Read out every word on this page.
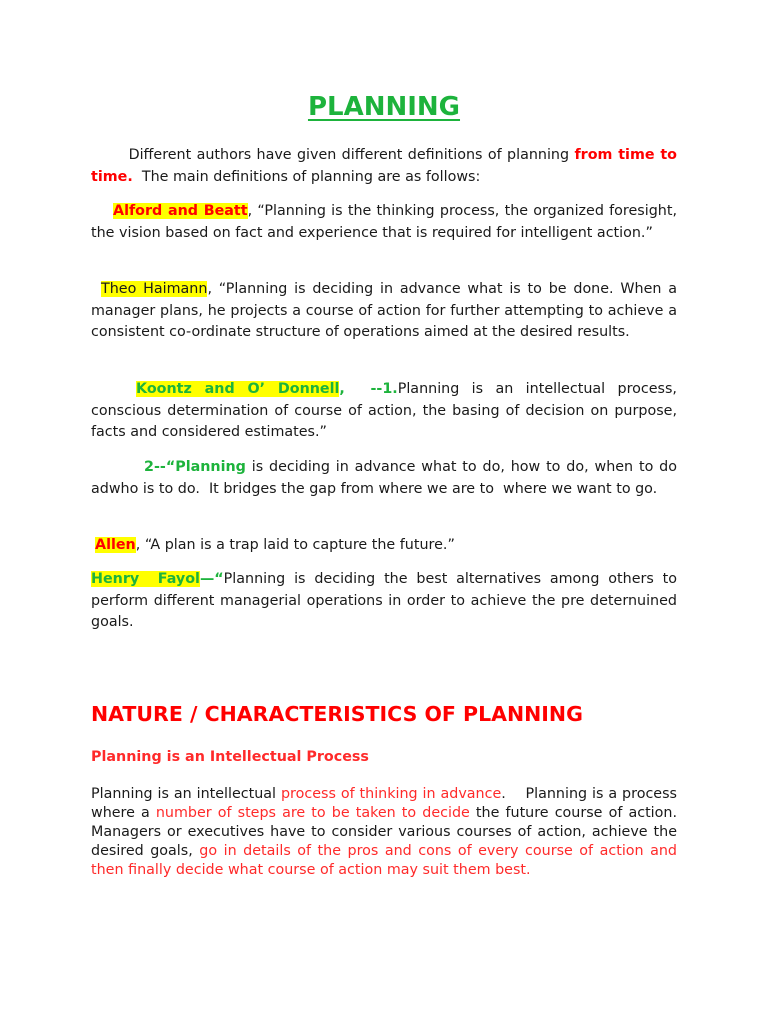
PLANNING
Different authors have given different definitions of planning from time to time.  The main definitions of planning are as follows:
Alford and Beatt, “Planning is the thinking process, the organized foresight, the vision based on fact and experience that is required for intelligent action.”
Theo Haimann, “Planning is deciding in advance what is to be done. When a manager plans, he projects a course of action for further attempting to achieve a consistent co-ordinate structure of operations aimed at the desired results.
Koontz and O’ Donnell,  --1.Planning is an intellectual process, conscious determination of course of action, the basing of decision on purpose, facts and considered estimates.”
2--“Planning is deciding in advance what to do, how to do, when to do adwho is to do.  It bridges the gap from where we are to  where we want to go.
Allen, “A plan is a trap laid to capture the future.”
Henry  Fayol—“Planning is deciding the best alternatives among others to perform different managerial operations in order to achieve the pre deternuined goals.
NATURE / CHARACTERISTICS OF PLANNING
Planning is an Intellectual Process
Planning is an intellectual process of thinking in advance.    Planning is a process where a number of steps are to be taken to decide the future course of action. Managers or executives have to consider various courses of action, achieve the desired goals, go in details of the pros and cons of every course of action and then finally decide what course of action may suit them best.
